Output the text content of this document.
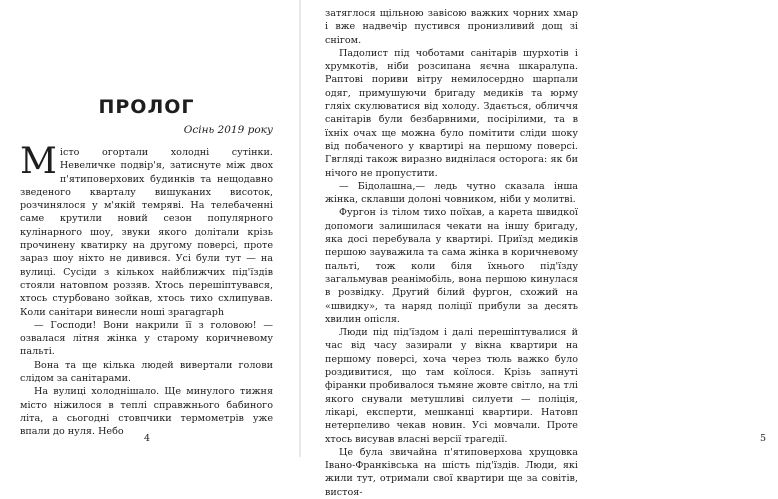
ПРОЛОГ
Осінь 2019 року
4	5

Місто огортали холодні сутінки. Невеличке подвір'я, затиснуте між двох п'ятиповерхових будинків та нещодавно зведеного кварталу вишуканих висоток, розчинялося у м'якій темряві. На телебаченні саме крутили новий сезон популярного кулінарного шоу, звуки якого долітали крізь прочинену кватирку на другому поверсі, проте зараз шоу ніхто не дивився. Усі були тут — на вулиці. Сусіди з кількох найближчих під'їздів стояли натовпом роззяв. Хтось перешіптувався, хтось стурбовано зойкав, хтось тихо схлипував. Коли санітари винесли ноші зparagraph

— Господи! Вони накрили її з головою! — озвалася літня жінка у старому коричневому пальті.

Вона та ще кілька людей вивертали голови слідом за санітарами.

На вулиці холоднішало. Ще минулого тижня місто ніжилося в теплі справжнього бабиного літа, а сьогодні стовпчики термометрів уже впали до нуля. Небо

затяглося щільною завісою важких чорних хмар і вже надвечір пустився пронизливий дощ зі снігом.

Падолист під чоботами санітарів шурхотів і хрумкотів, ніби розсипана яєчна шкаралупа. Раптові пориви вітру немилосердно шарпали одяг, примушуючи бригаду медиків та юрму гляіх скулюватися від холоду. Здається, обличчя санітарів були безбарвними, посірілими, та в їхніх очах ще можна було помітити сліди шоку від побаченого у квартирі на першому поверсі. Гвгляді також виразно виднілася осторога: як би нічого не пропустити.

— Бідолашна,— ледь чутно сказала інша жінка, склавши долоні човником, ніби у молитві.

Фургон із тілом тихо поїхав, а карета швидкої допомоги залишилася чекати на іншу бригаду, яка досі перебувала у квартирі. Приїзд медиків першою зауважила та сама жінка в коричневому пальті, тож коли біля їхнього під'їзду загальмував реанімобіль, вона першою кинулася в розвідку. Другий білий фургон, схожий на «швидку», та наряд поліції прибули за десять хвилин опісля.

Люди під під'їздом і далі перешіптувалися й час від часу зазирали у вікна квартири на першому поверсі, хоча через тюль важко було роздивитися, що там коїлося. Крізь запнуті фіранки пробивалося тьмяне жовте світло, на тлі якого снували метушливі силуети — поліція, лікарі, експерти, мешканці квартири. Натовп нетерпеливо чекав новин. Усі мовчали. Проте хтось висував власні версії трагедії.

Це була звичайна п'ятиповерхова хрущовка Івано-Франківська на шість під'їздів. Люди, які жили тут, отримали свої квартири ще за совітів, вистоя-
